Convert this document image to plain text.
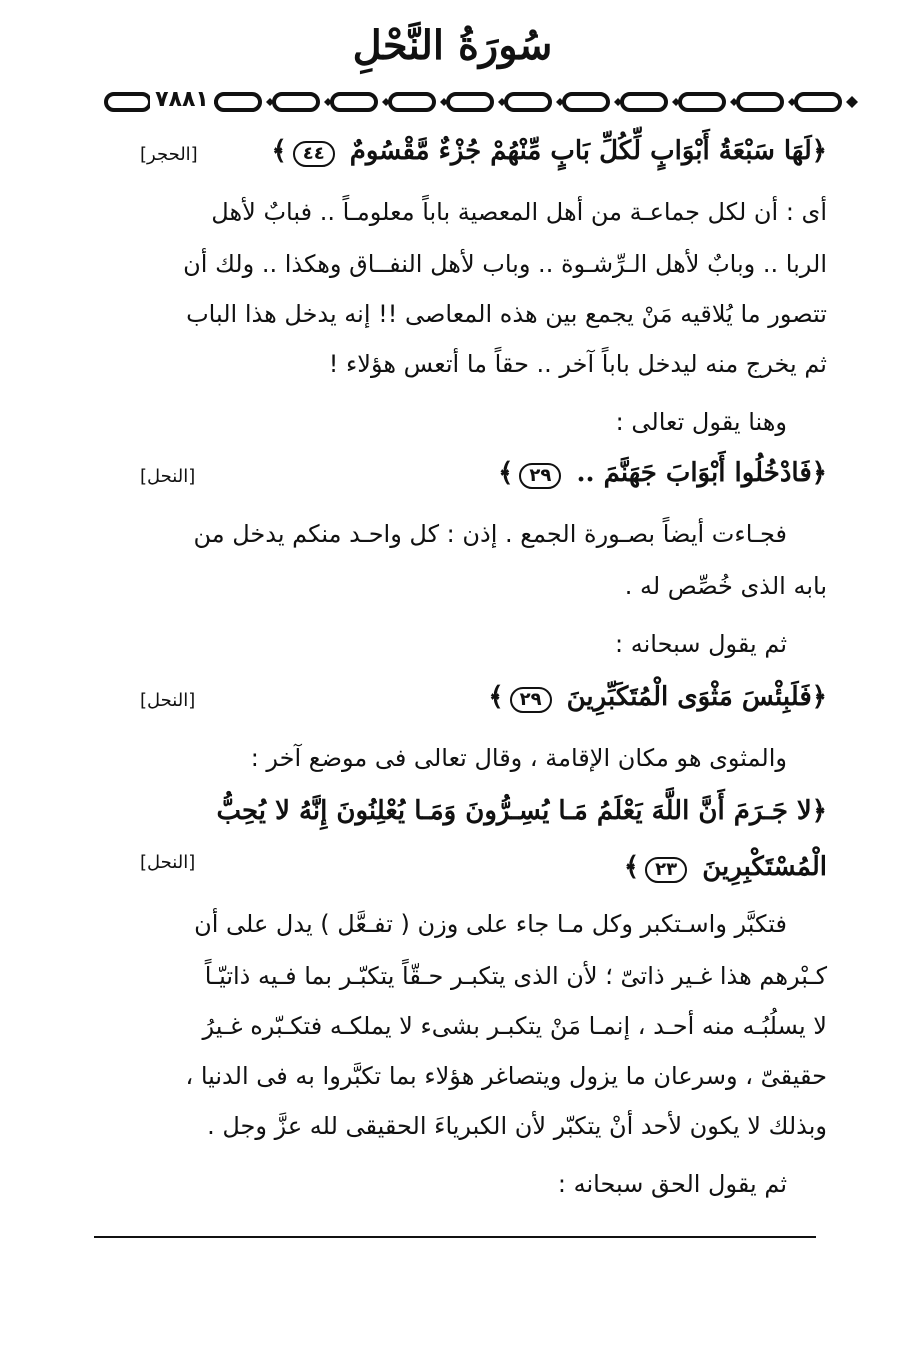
سُورَةُ النَّحْلِ
٧٨٨١
﴿لَهَا سَبْعَةُ أَبْوَابٍ لِّكُلِّ بَابٍ مِّنْهُمْ جُزْءٌ مَّقْسُومٌ ٤٤﴾
[الحجر]
أى : أن لكل جماعـة من أهل المعصية باباً معلومـاً .. فبابٌ لأهل
الربا .. وبابٌ لأهل الـرِّشـوة .. وباب لأهل النفــاق وهكذا .. ولك أن
تتصور ما يُلاقيه مَنْ يجمع بين هذه المعاصى !! إنه يدخل هذا الباب
ثم يخرج منه ليدخل باباً آخر .. حقاً ما أتعس هؤلاء !
وهنا يقول تعالى :
﴿فَادْخُلُوا أَبْوَابَ جَهَنَّمَ .. ٢٩﴾
[النحل]
فجـاءت أيضاً بصـورة الجمع . إذن : كل واحـد منكم يدخل من
بابه الذى خُصِّص له .
ثم يقول سبحانه :
﴿فَلَبِئْسَ مَثْوَى الْمُتَكَبِّرِينَ ٢٩﴾
[النحل]
والمثوى هو مكان الإقامة ، وقال تعالى فى موضع آخر :
﴿لا جَـرَمَ أَنَّ اللَّهَ يَعْلَمُ مَـا يُسِـرُّونَ وَمَـا يُعْلِنُونَ إِنَّهُ لا يُحِبُّ
الْمُسْتَكْبِرِينَ ٢٣﴾
[النحل]
فتكبَّر واسـتكبر وكل مـا جاء على وزن ( تفـعَّل ) يدل على أن
كـبْرهم هذا غـير ذاتىّ ؛ لأن الذى يتكبـر حـقّاً يتكبّـر بما فـيه ذاتيّـاً
لا يسلُبُـه منه أحـد ، إنمـا مَنْ يتكبـر بشىء لا يملكـه فتكـبّره غـيرُ
حقيقىّ ، وسرعان ما يزول ويتصاغر هؤلاء بما تكبَّروا به فى الدنيا ،
وبذلك لا يكون لأحد أنْ يتكبّر لأن الكبرياءَ الحقيقى لله عزَّ وجل .
ثم يقول الحق سبحانه :
